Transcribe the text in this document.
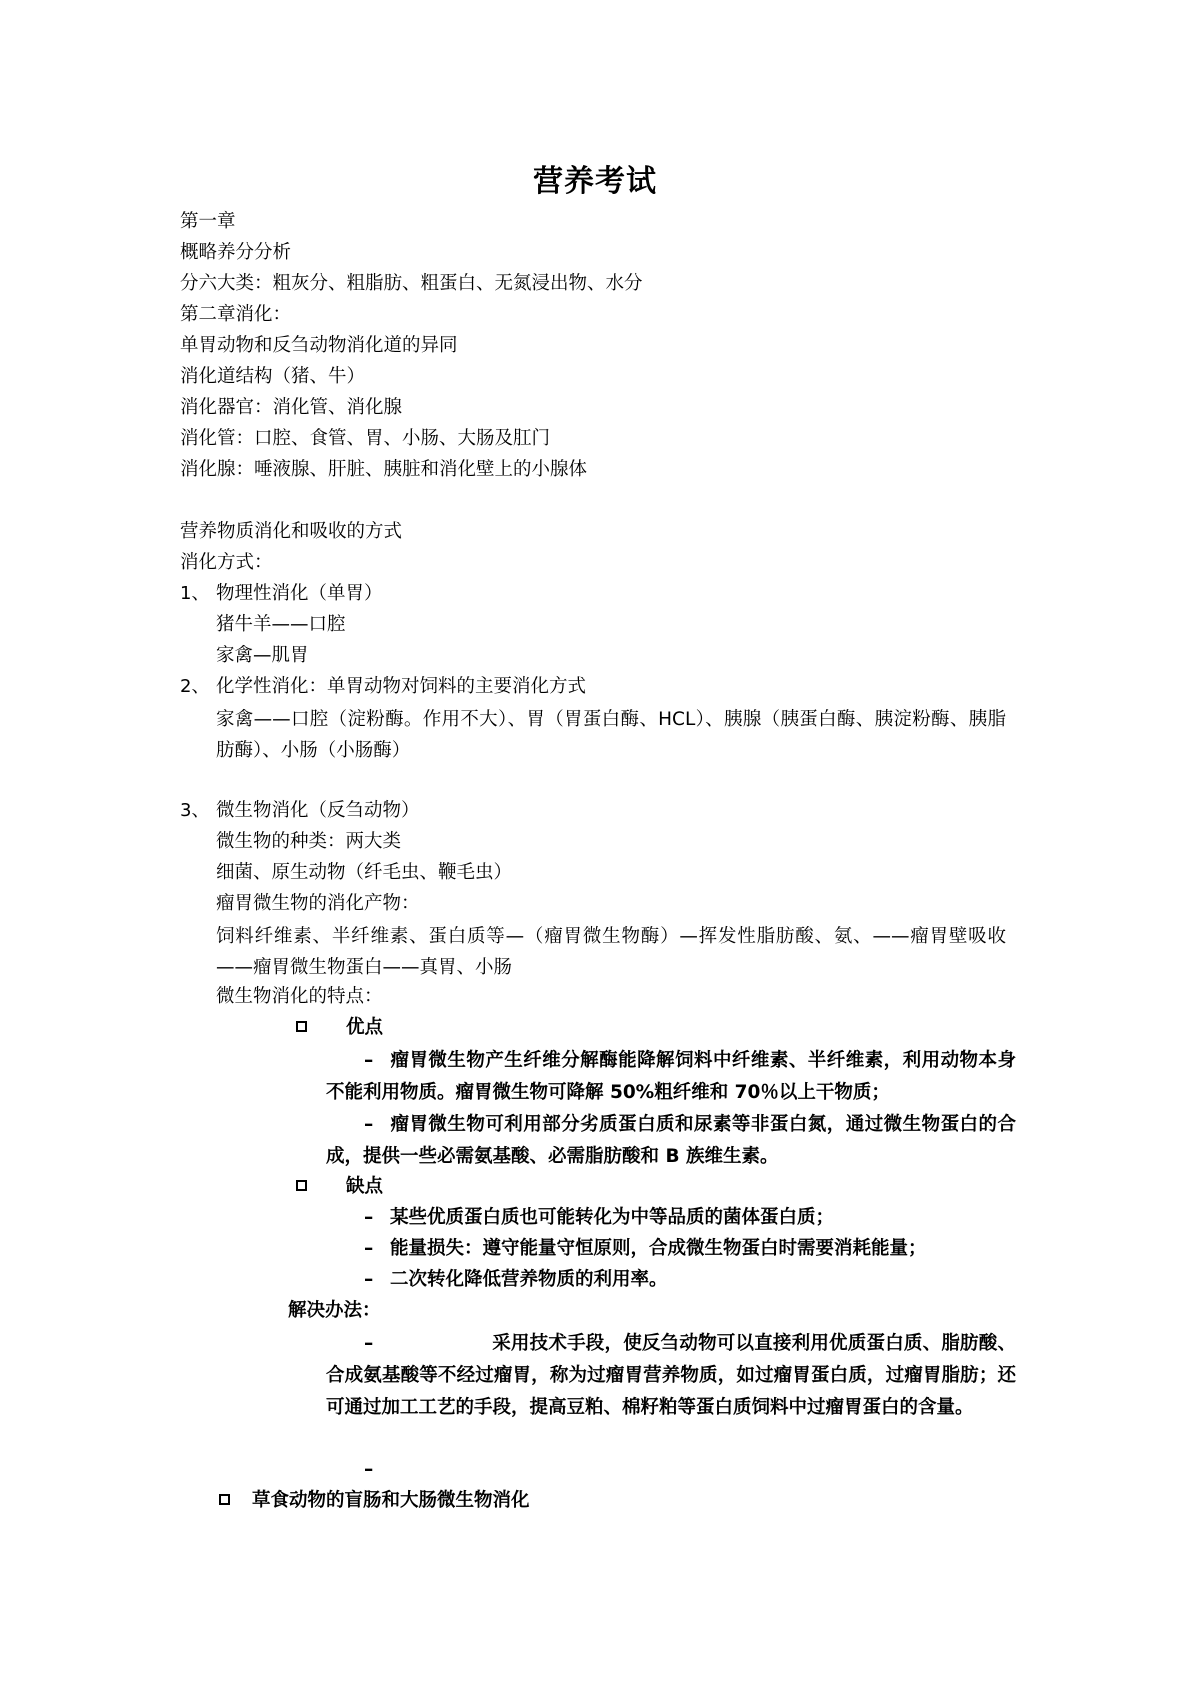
营养考试
第一章
概略养分分析
分六大类：粗灰分、粗脂肪、粗蛋白、无氮浸出物、水分
第二章消化：
单胃动物和反刍动物消化道的异同
消化道结构（猪、牛）
消化器官：消化管、消化腺
消化管：口腔、食管、胃、小肠、大肠及肛门
消化腺：唾液腺、肝脏、胰脏和消化壁上的小腺体
营养物质消化和吸收的方式
消化方式：
1、 物理性消化（单胃）
猪牛羊——口腔
家禽—肌胃
2、 化学性消化：单胃动物对饲料的主要消化方式
家禽——口腔（淀粉酶。作用不大）、胃（胃蛋白酶、HCL）、胰腺（胰蛋白酶、胰淀粉酶、胰脂肪酶）、小肠（小肠酶）
3、 微生物消化（反刍动物）
微生物的种类：两大类
细菌、原生动物（纤毛虫、鞭毛虫）
瘤胃微生物的消化产物：
饲料纤维素、半纤维素、蛋白质等—（瘤胃微生物酶）—挥发性脂肪酸、氨、——瘤胃壁吸收——瘤胃微生物蛋白——真胃、小肠
微生物消化的特点：
优点
– 瘤胃微生物产生纤维分解酶能降解饲料中纤维素、半纤维素，利用动物本身不能利用物质。瘤胃微生物可降解 50%粗纤维和 70％以上干物质；
– 瘤胃微生物可利用部分劣质蛋白质和尿素等非蛋白氮，通过微生物蛋白的合成，提供一些必需氨基酸、必需脂肪酸和 B 族维生素。
缺点
– 某些优质蛋白质也可能转化为中等品质的菌体蛋白质；
– 能量损失：遵守能量守恒原则，合成微生物蛋白时需要消耗能量；
– 二次转化降低营养物质的利用率。
解决办法：
–	采用技术手段，使反刍动物可以直接利用优质蛋白质、脂肪酸、合成氨基酸等不经过瘤胃，称为过瘤胃营养物质，如过瘤胃蛋白质，过瘤胃脂肪；还可通过加工工艺的手段，提高豆粕、棉籽粕等蛋白质饲料中过瘤胃蛋白的含量。
–
草食动物的盲肠和大肠微生物消化
